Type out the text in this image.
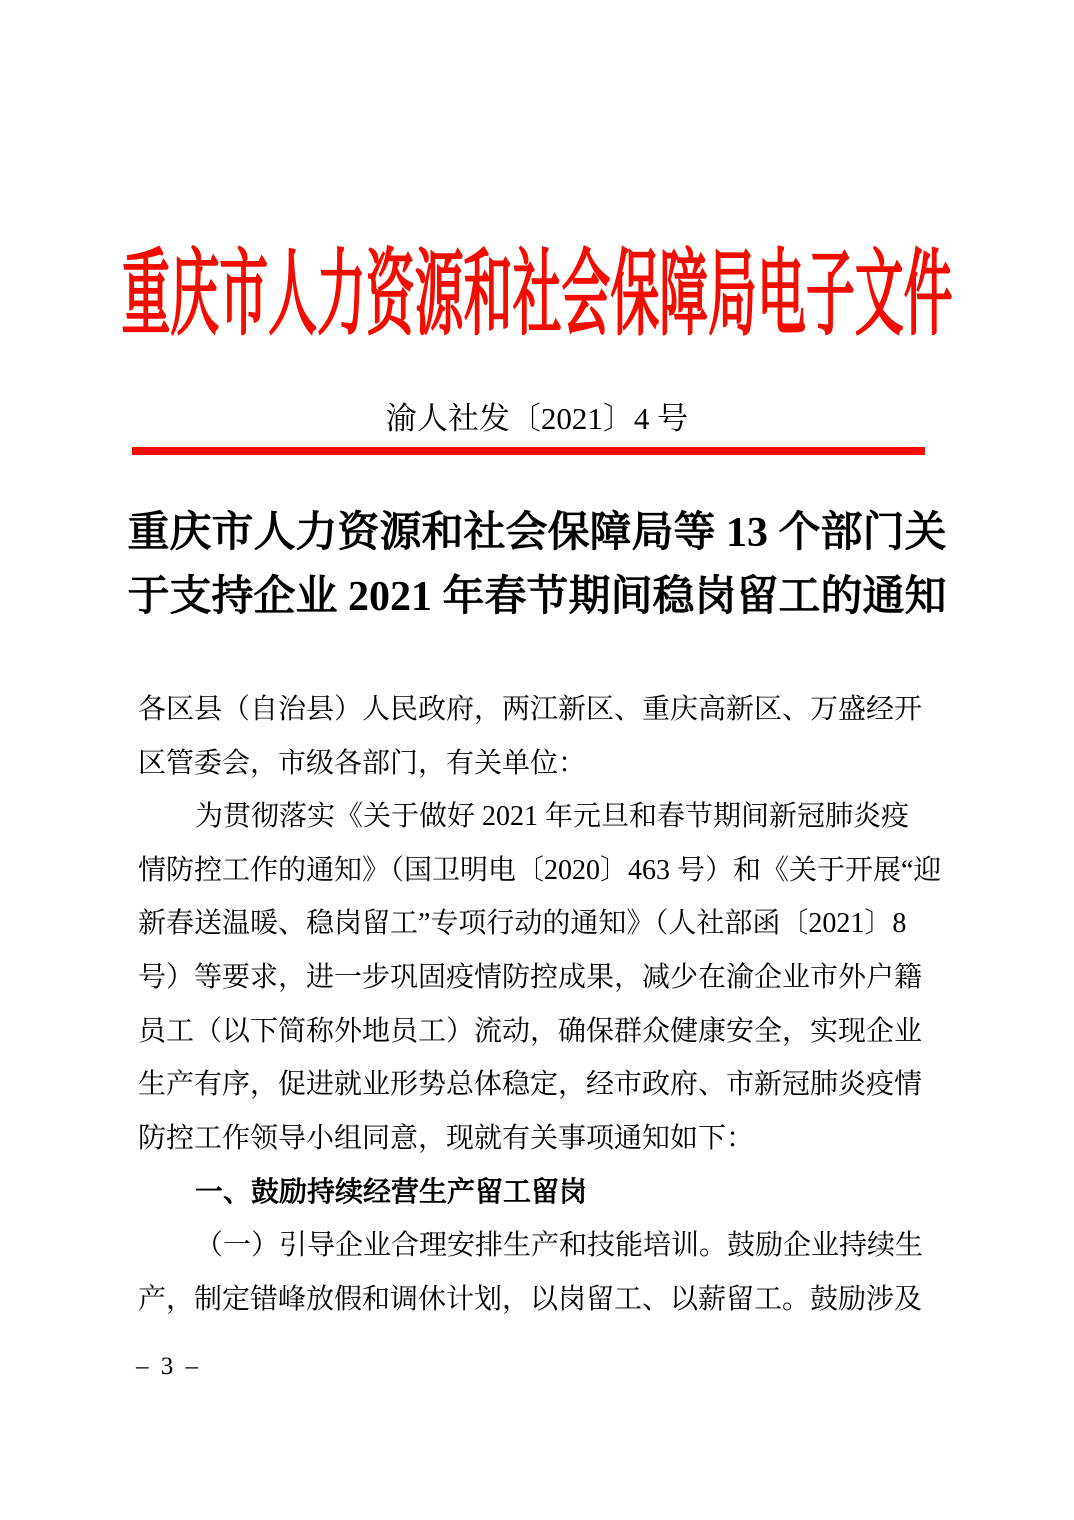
重庆市人力资源和社会保障局电子文件
渝人社发〔2021〕4 号
重庆市人力资源和社会保障局等 13 个部门关
于支持企业 2021 年春节期间稳岗留工的通知
各区县（自治县）人民政府，两江新区、重庆高新区、万盛经开
区管委会，市级各部门，有关单位：
为贯彻落实《关于做好 2021 年元旦和春节期间新冠肺炎疫
情防控工作的通知》（国卫明电〔2020〕463 号）和《关于开展“迎
新春送温暖、稳岗留工”专项行动的通知》（人社部函〔2021〕8
号）等要求，进一步巩固疫情防控成果，减少在渝企业市外户籍
员工（以下简称外地员工）流动，确保群众健康安全，实现企业
生产有序，促进就业形势总体稳定，经市政府、市新冠肺炎疫情
防控工作领导小组同意，现就有关事项通知如下：
一、鼓励持续经营生产留工留岗
（一）引导企业合理安排生产和技能培训。鼓励企业持续生
产，制定错峰放假和调休计划，以岗留工、以薪留工。鼓励涉及
– 3 –
